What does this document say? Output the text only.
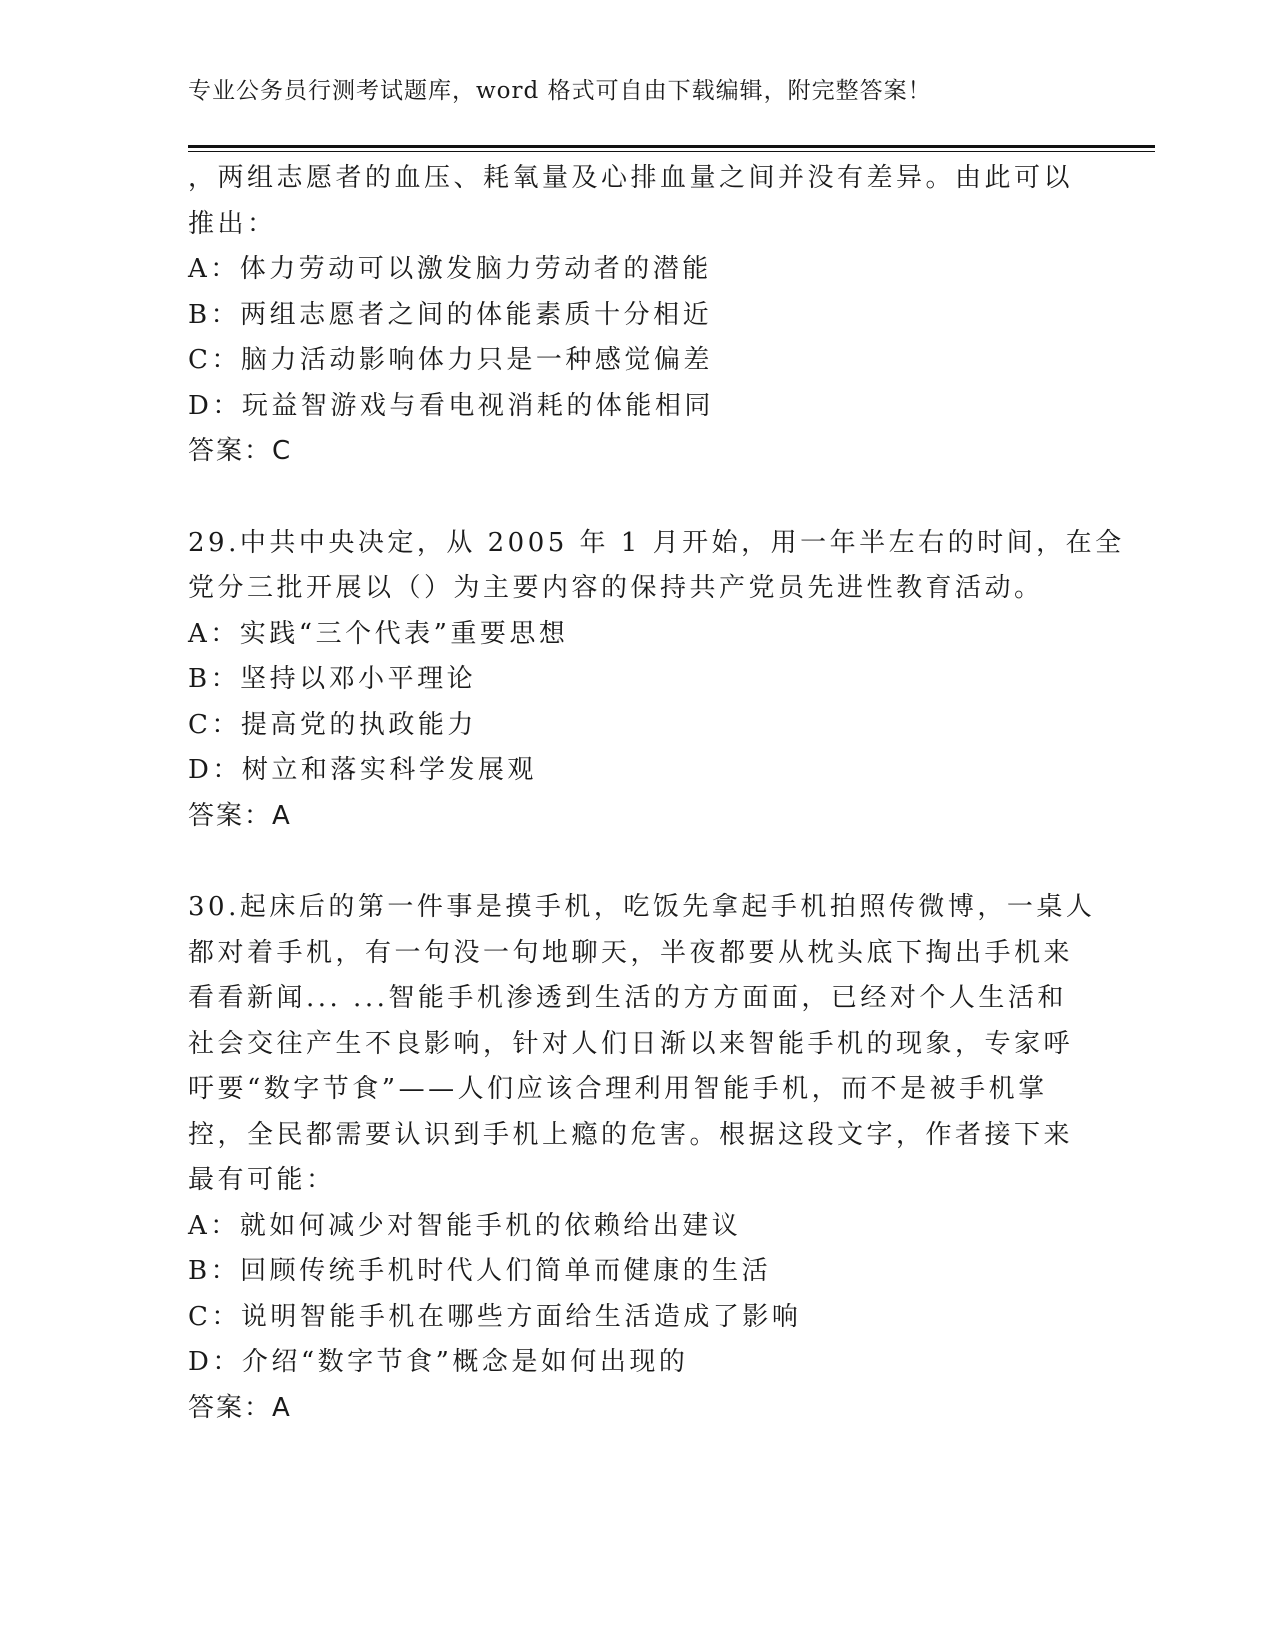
专业公务员行测考试题库，word 格式可自由下载编辑，附完整答案！
，两组志愿者的血压、耗氧量及心排血量之间并没有差异。由此可以
推出：
A：体力劳动可以激发脑力劳动者的潜能
B：两组志愿者之间的体能素质十分相近
C：脑力活动影响体力只是一种感觉偏差
D：玩益智游戏与看电视消耗的体能相同
答案：C
29.中共中央决定，从 2005 年 1 月开始，用一年半左右的时间，在全
党分三批开展以（）为主要内容的保持共产党员先进性教育活动。
A：实践“三个代表”重要思想
B：坚持以邓小平理论
C：提高党的执政能力
D：树立和落实科学发展观
答案：A
30.起床后的第一件事是摸手机，吃饭先拿起手机拍照传微博，一桌人
都对着手机，有一句没一句地聊天，半夜都要从枕头底下掏出手机来
看看新闻... ...智能手机渗透到生活的方方面面，已经对个人生活和
社会交往产生不良影响，针对人们日渐以来智能手机的现象，专家呼
吁要“数字节食”——人们应该合理利用智能手机，而不是被手机掌
控，全民都需要认识到手机上瘾的危害。根据这段文字，作者接下来
最有可能：
A：就如何减少对智能手机的依赖给出建议
B：回顾传统手机时代人们简单而健康的生活
C：说明智能手机在哪些方面给生活造成了影响
D：介绍“数字节食”概念是如何出现的
答案：A
